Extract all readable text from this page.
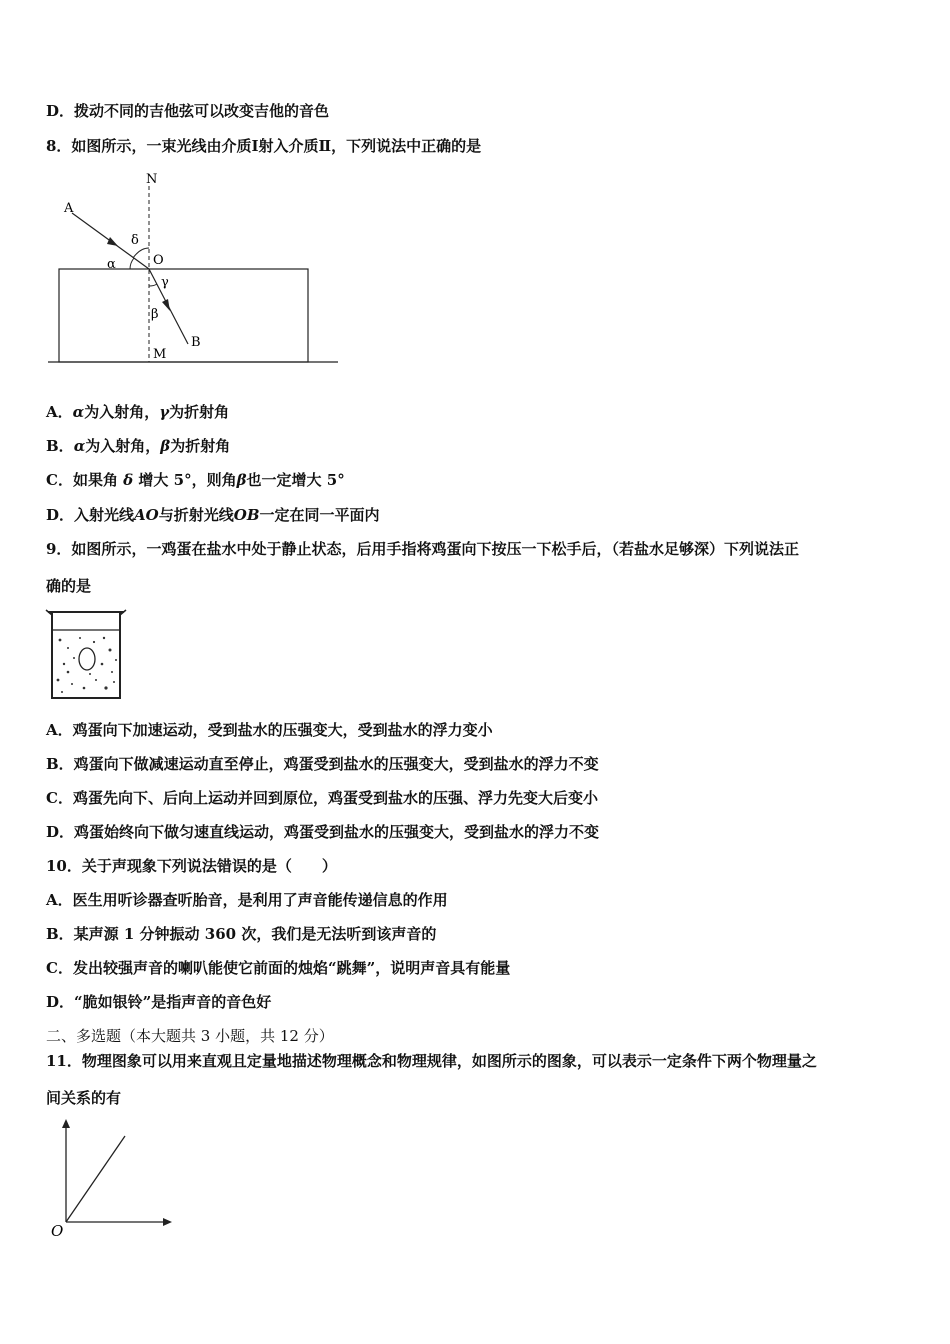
D．拨动不同的吉他弦可以改变吉他的音色
8．如图所示，一束光线由介质Ⅰ射入介质Ⅱ，下列说法中正确的是
N
A
δ
α	O
γ
β
B
M
A．α为入射角，γ为折射角
B．α为入射角，β为折射角
C．如果角 δ 增大 5°，则角β也一定增大 5°
D．入射光线AO与折射光线OB一定在同一平面内
9．如图所示，一鸡蛋在盐水中处于静止状态，后用手指将鸡蛋向下按压一下松手后，（若盐水足够深）下列说法正
确的是
A．鸡蛋向下加速运动，受到盐水的压强变大，受到盐水的浮力变小
B．鸡蛋向下做减速运动直至停止，鸡蛋受到盐水的压强变大，受到盐水的浮力不变
C．鸡蛋先向下、后向上运动并回到原位，鸡蛋受到盐水的压强、浮力先变大后变小
D．鸡蛋始终向下做匀速直线运动，鸡蛋受到盐水的压强变大，受到盐水的浮力不变
10．关于声现象下列说法错误的是（　　）
A．医生用听诊器查听胎音，是利用了声音能传递信息的作用
B．某声源 1 分钟振动 360 次，我们是无法听到该声音的
C．发出较强声音的喇叭能使它前面的烛焰“跳舞”，说明声音具有能量
D．“脆如银铃”是指声音的音色好
二、多选题（本大题共 3 小题，共 12 分）
11．物理图象可以用来直观且定量地描述物理概念和物理规律，如图所示的图象，可以表示一定条件下两个物理量之
间关系的有
O
